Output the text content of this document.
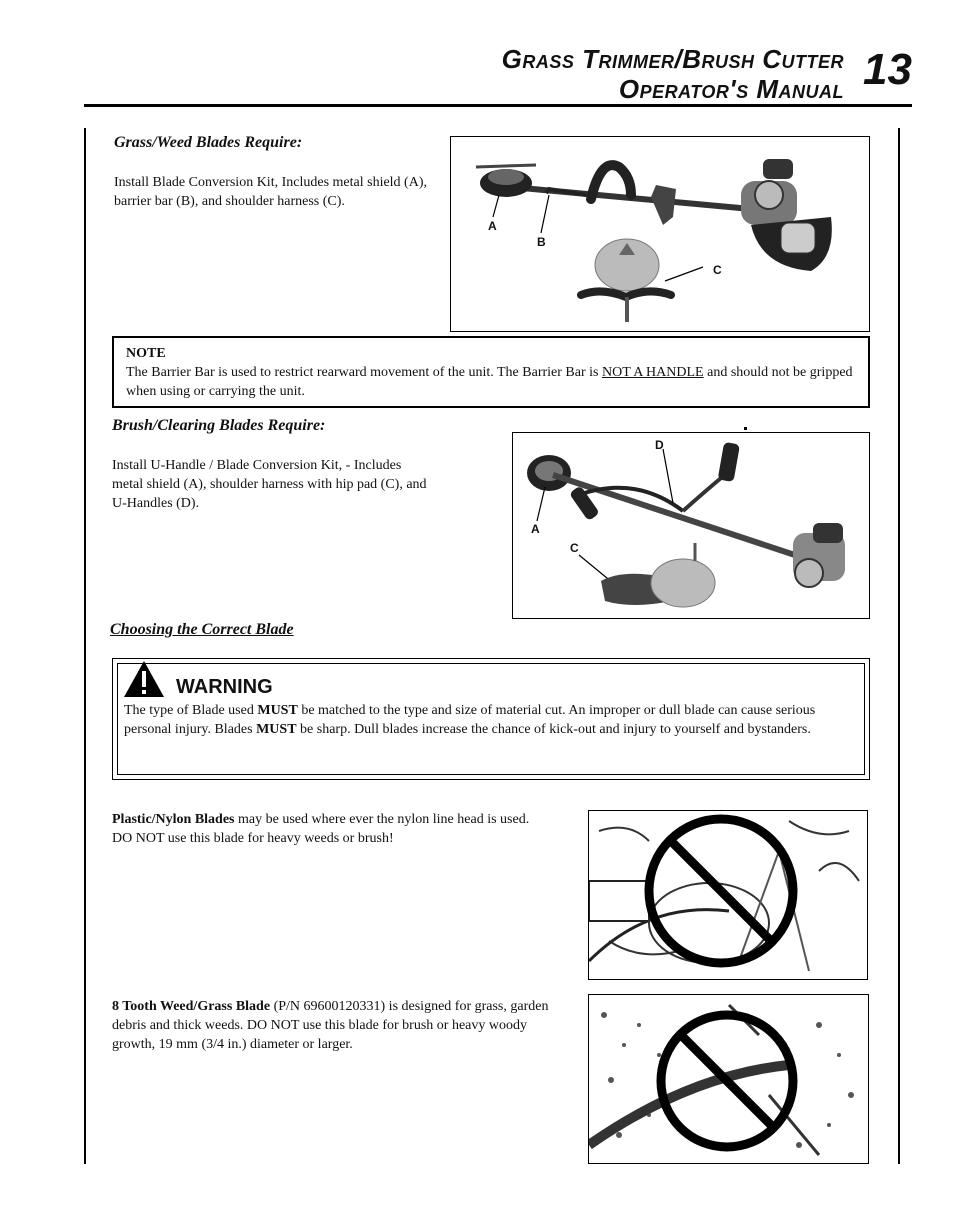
Grass Trimmer/Brush Cutter
Operator's Manual 13
Grass/Weed Blades Require:
Install Blade Conversion Kit, Includes metal shield (A), barrier bar (B), and shoulder harness (C).
A
B
C
NOTE
The Barrier Bar is used to restrict rearward movement of the unit. The Barrier Bar is NOT A HANDLE and should not be gripped when using or carrying the unit.
Brush/Clearing Blades Require:
Install U-Handle / Blade Conversion Kit, - Includes metal shield (A), shoulder harness with hip pad (C), and U-Handles (D).
D
A
C
Choosing the Correct Blade
WARNING
The type of Blade used MUST be matched to the type and size of material cut. An improper or dull blade can cause serious personal injury. Blades MUST be sharp. Dull blades increase the chance of kick-out and injury to yourself and bystanders.
Plastic/Nylon Blades may be used where ever the nylon line head is used. DO NOT use this blade for heavy weeds or brush!
8 Tooth Weed/Grass Blade (P/N 69600120331) is designed for grass, garden debris and thick weeds. DO NOT use this blade for brush or heavy woody growth, 19 mm (3/4 in.) diameter or larger.
